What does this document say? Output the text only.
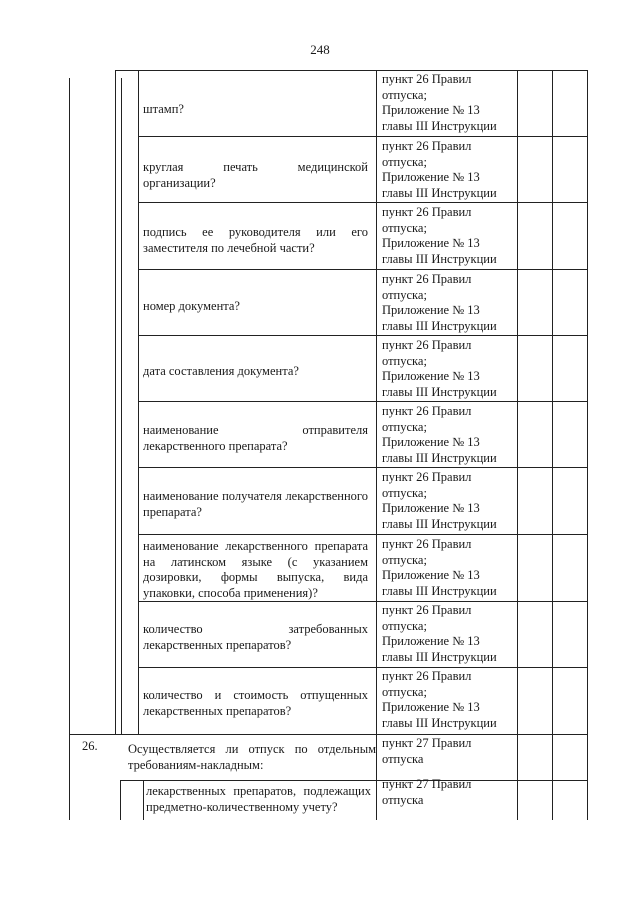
248
штамп?
пункт 26 Правил
отпуска;
Приложение № 13
главы III Инструкции
круглая печать медицинской организации?
пункт 26 Правил
отпуска;
Приложение № 13
главы III Инструкции
подпись ее руководителя или его заместителя по лечебной части?
пункт 26 Правил
отпуска;
Приложение № 13
главы III Инструкции
номер документа?
пункт 26 Правил
отпуска;
Приложение № 13
главы III Инструкции
дата составления документа?
пункт 26 Правил
отпуска;
Приложение № 13
главы III Инструкции
наименование отправителя лекарственного препарата?
пункт 26 Правил
отпуска;
Приложение № 13
главы III Инструкции
наименование получателя лекарственного препарата?
пункт 26 Правил
отпуска;
Приложение № 13
главы III Инструкции
наименование лекарственного препарата на латинском языке (с указанием дозировки, формы выпуска, вида упаковки, способа применения)?
пункт 26 Правил
отпуска;
Приложение № 13
главы III Инструкции
количество затребованных лекарственных препаратов?
пункт 26 Правил
отпуска;
Приложение № 13
главы III Инструкции
количество и стоимость отпущенных лекарственных препаратов?
пункт 26 Правил
отпуска;
Приложение № 13
главы III Инструкции
26.	Осуществляется ли отпуск по отдельным требованиям-накладным:
пункт 27 Правил
отпуска
лекарственных препаратов, подлежащих предметно-количественному учету?
пункт 27 Правил
отпуска
